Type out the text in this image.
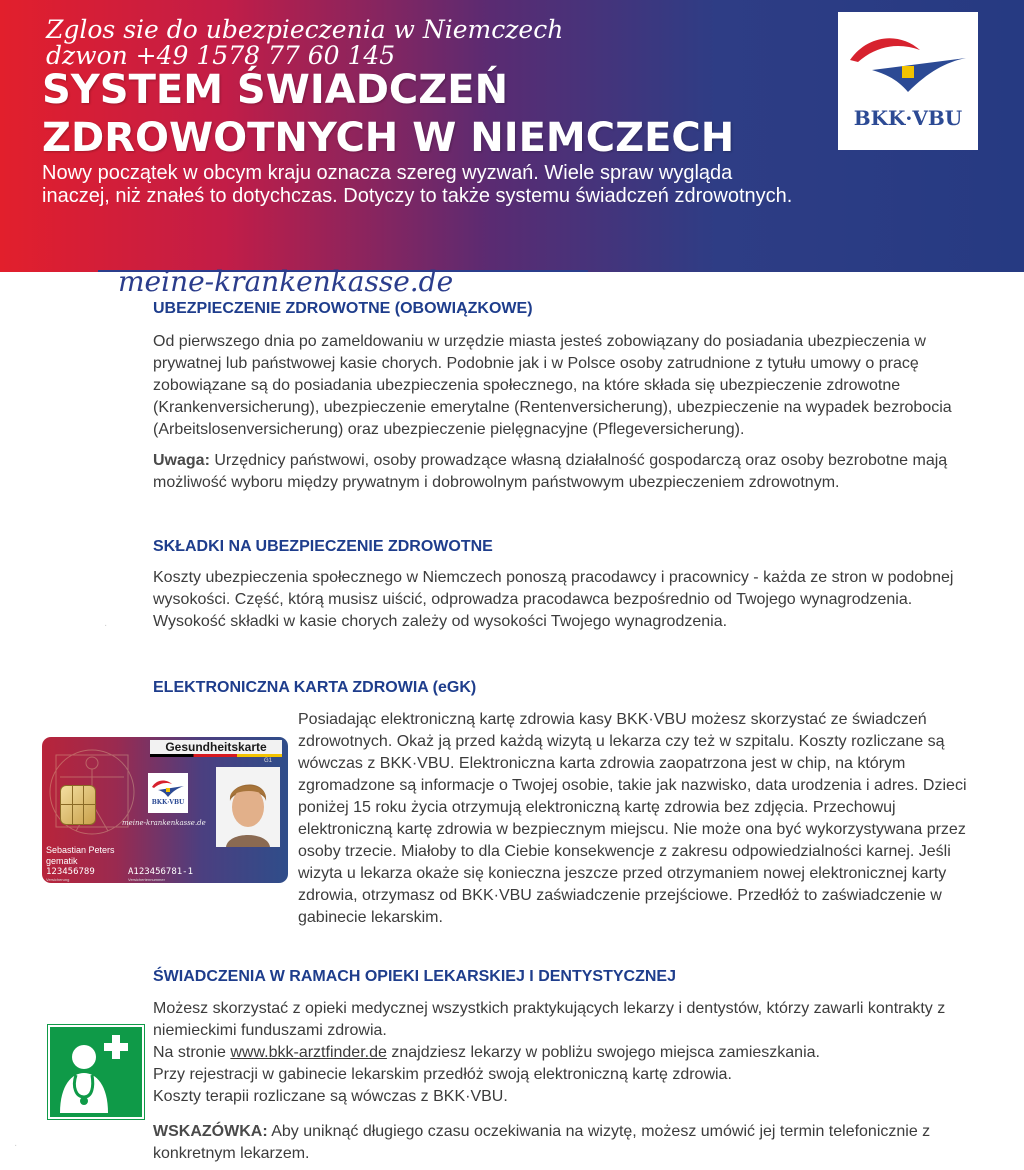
Zglos sie do ubezpieczenia w Niemczech
dzwon +49 1578 77 60 145
SYSTEM ŚWIADCZEŃ
ZDROWOTNYCH W NIEMCZECH
Nowy początek w obcym kraju oznacza szereg wyzwań. Wiele spraw wygląda inaczej, niż znałeś to dotychczas. Dotyczy to także systemu świadczeń zdrowotnych.
BKK·VBU
meine-krankenkasse.de
UBEZPIECZENIE ZDROWOTNE (OBOWIĄZKOWE)

Od pierwszego dnia po zameldowaniu w urzędzie miasta jesteś zobowiązany do posiadania ubezpieczenia w prywatnej lub państwowej kasie chorych. Podobnie jak i w Polsce osoby zatrudnione z tytułu umowy o pracę zobowiązane są do posiadania ubezpieczenia społecznego, na które składa się ubezpieczenie zdrowotne (Krankenversicherung), ubezpieczenie emerytalne (Rentenversicherung), ubezpieczenie na wypadek bezrobocia (Arbeitslosenversicherung) oraz ubezpieczenie pielęgnacyjne (Pflegeversicherung).

Uwaga: Urzędnicy państwowi, osoby prowadzące własną działalność gospodarczą oraz osoby bezrobotne mają możliwość wyboru między prywatnym i dobrowolnym państwowym ubezpieczeniem zdrowotnym.

SKŁADKI NA UBEZPIECZENIE ZDROWOTNE

Koszty ubezpieczenia społecznego w Niemczech ponoszą pracodawcy i pracownicy - każda ze stron w podobnej wysokości. Część, którą musisz uiścić, odprowadza pracodawca bezpośrednio od Twojego wynagrodzenia. Wysokość składki w kasie chorych zależy od wysokości Twojego wynagrodzenia.

ELEKTRONICZNA KARTA ZDROWIA (eGK)

Posiadając elektroniczną kartę zdrowia kasy BKK·VBU możesz skorzystać ze świadczeń zdrowotnych. Okaż ją przed każdą wizytą u lekarza czy też w szpitalu. Koszty rozliczane są wówczas z BKK·VBU. Elektroniczna karta zdrowia zaopatrzona jest w chip, na którym zgromadzone są informacje o Twojej osobie, takie jak nazwisko, data urodzenia i adres. Dzieci poniżej 15 roku życia otrzymują elektroniczną kartę zdrowia bez zdjęcia. Przechowuj elektroniczną kartę zdrowia w bezpiecznym miejscu. Nie może ona być wykorzystywana przez osoby trzecie. Miałoby to dla Ciebie konsekwencje z zakresu odpowiedzialności karnej. Jeśli wizyta u lekarza okaże się konieczna jeszcze przed otrzymaniem nowej elektronicznej karty zdrowia, otrzymasz od BKK·VBU zaświadczenie przejściowe. Przedłóż to zaświadczenie w gabinecie lekarskim.

Gesundheitskarte
G1
BKK·VBU
meine-krankenkasse.de
Sebastian Peters
gematik
123456789	A123456781-1
Versicherung	Versichertennummer
ŚWIADCZENIA W RAMACH OPIEKI LEKARSKIEJ I DENTYSTYCZNEJ
Możesz skorzystać z opieki medycznej wszystkich praktykujących lekarzy i dentystów, którzy zawarli kontrakty z niemieckimi funduszami zdrowia.
Na stronie www.bkk-arztfinder.de znajdziesz lekarzy w pobliżu swojego miejsca zamieszkania.
Przy rejestracji w gabinecie lekarskim przedłóż swoją elektroniczną kartę zdrowia.
Koszty terapii rozliczane są wówczas z BKK·VBU.

WSKAZÓWKA: Aby uniknąć długiego czasu oczekiwania na wizytę, możesz umówić jej termin telefonicznie z konkretnym lekarzem.

·
·
